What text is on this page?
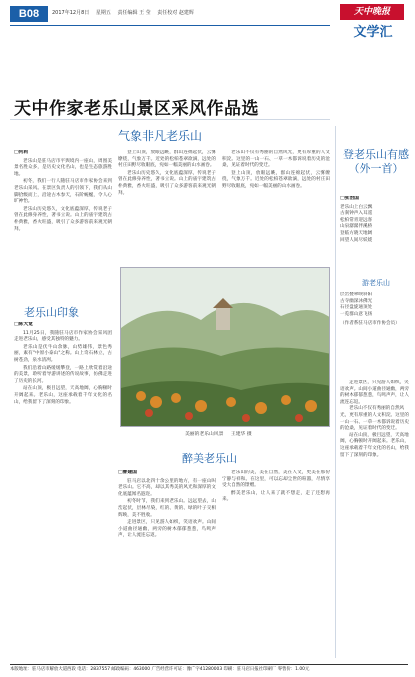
B08	2017年12月8日 星期五 责任编辑 王 莹 责任校对 赵建辉	天中晚报
文学汇
天中作家老乐山景区采风作品选
气象非凡老乐山
□何莉
老乐山是驻马店市平舆境内一座山，周围美景名胜众多，是历史文化名山，也是生态旅游胜地。
初冬，我们一行人随驻马店市作家协会来到老乐山采风。在景区负责人的引领下，我们从山脚拾级而上，沿途古木参天，石阶蜿蜒，令人心旷神怡。
老乐山历史悠久，文化底蕴深厚，传说老子曾在此修身养性，著书立说。山上的庙宇建筑古朴典雅，香火旺盛，吸引了众多游客前来观光朝拜。
登上山顶，放眼远眺，群山连绵起伏，云雾缭绕，气象万千。近处的松柏苍翠欲滴，远处的村庄田野尽收眼底，宛如一幅美丽的山水画卷。
老乐山历史悠久，文化底蕴深厚，传说老子曾在此修身养性，著书立说。山上的庙宇建筑古朴典雅，香火旺盛，吸引了众多游客前来观光朝拜。
老乐山不仅有秀丽的自然风光，更有厚重的人文积淀。这里的一山一石、一草一木都诉说着历史的沧桑，见证着时代的变迁。
登上山顶，放眼远眺，群山连绵起伏，云雾缭绕，气象万千。近处的松柏苍翠欲滴，远处的村庄田野尽收眼底，宛如一幅美丽的山水画卷。
老乐山印象
□陈大宽
11月25日，我随驻马店市作家协会采风团走进老乐山，感受其独特的魅力。
老乐山是伏牛山余脉，山势雄伟，景色秀丽，素有"中原小泰山"之称。山上奇石林立，古树苍劲，泉水清冽。
我们沿着山路缓缓攀登，一路上欣赏着沿途的美景，聆听着导游讲述的传说故事，仿佛走进了历史的长河。
站在山顶，极目远望，天高地阔，心胸顿时开阔起来。老乐山，这座承载着千年文化的名山，给我留下了深刻的印象。
美丽的老乐山风景 王建华 摄
醉美老乐山
□曹建国
驻马店以北四十余公里的地方，有一座山叫老乐山。它不高，却以其秀美的风光和深厚的文化底蕴闻名遐迩。
初冬时节，我们来到老乐山。远远望去，山峦起伏，层林尽染，红的、黄的、绿的叶子交相辉映，美不胜收。
走进景区，只见游人如织，笑语欢声。山间小道曲径通幽，两旁的树木郁郁葱葱，鸟鸣声声，让人流连忘返。
老乐山的美，美在自然，美在人文，更美在那份宁静与祥和。在这里，可以忘却尘世的喧嚣，尽情享受大自然的馈赠。
醉美老乐山，让人来了就不想走，走了还想再来。
登老乐山有感（外一首）
□张治国
老乐山上白云飘
古刹钟声入耳遥
松柏常青迎远客
山泉潺潺伴溪桥
登临方晓天地阔
回望人间尽妖娆
游老乐山
层峦叠翠映斜阳
古寺幽深沐佛光
石径盘旋通顶处
一览群山意飞扬
（作者系驻马店市作协会员）
走进景区，只见游人如织，笑语欢声。山间小道曲径通幽，两旁的树木郁郁葱葱，鸟鸣声声，让人流连忘返。
老乐山不仅有秀丽的自然风光，更有厚重的人文积淀。这里的一山一石、一草一木都诉说着历史的沧桑，见证着时代的变迁。
站在山顶，极目远望，天高地阔，心胸顿时开阔起来。老乐山，这座承载着千年文化的名山，给我留下了深刻的印象。
本版地址：驻马店市解放大道西段 电话：2837557 邮政编码：463000 广告经营许可证：豫广字41280003 印刷：驻马店日报社印刷厂 零售价：1.00元
